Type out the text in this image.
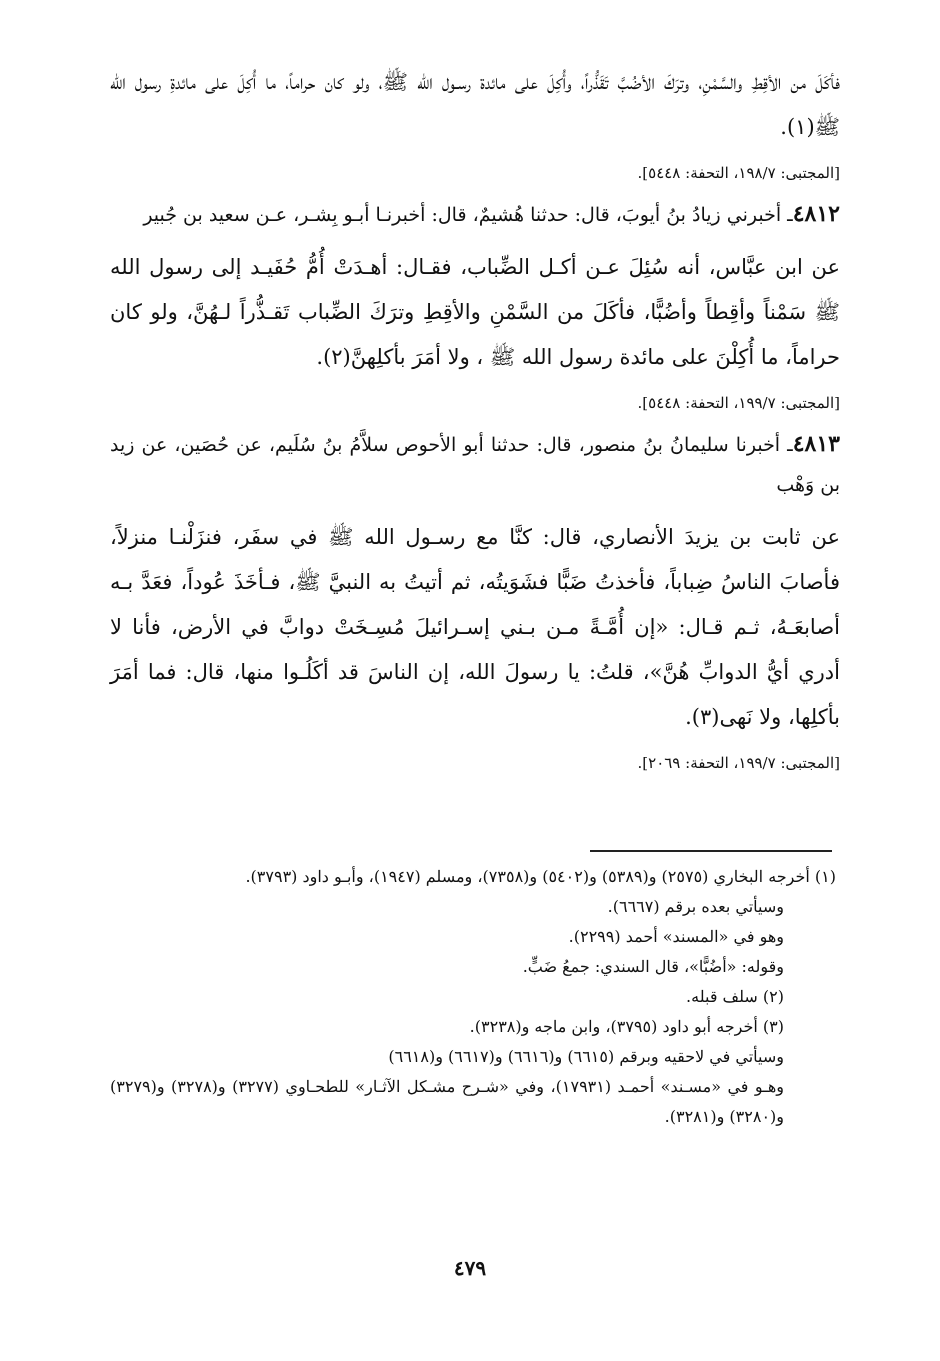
فأكَلَ من الأقِطِ والسَّمْنِ، وترَكَ الأضُبَّ تَقَذُّراً، وأُكِلَ على مائدة رسـول الله ﷺ، ولو كان حراماً، ما أُكِلَ على مائدةِ رسول الله ﷺ(١).

[المجتبى: ١٩٨/٧، التحفة: ٥٤٤٨].

٤٨١٢ـ أخبرني زيادُ بنُ أيوبَ، قال: حدثنا هُشيمٌ، قال: أخبرنـا أبـو بِشـر، عـن سعيد بن جُبير

عن ابن عبَّاس، أنه سُئِلَ عـن أكـل الضِّباب، فقـال: أهـدَتْ أُمُّ حُفَيـد إلى رسول الله ﷺ سَمْناً وأقِطاً وأضُبًّا، فأكَلَ من السَّمْنِ والأقِطِ وترَكَ الضِّباب تَقـذُّراً لـهُنَّ، ولو كان حراماً، ما أُكِلْنَ على مائدة رسول الله ﷺ ، ولا أمَرَ بأكلِهنَّ(٢).

[المجتبى: ١٩٩/٧، التحفة: ٥٤٤٨].

٤٨١٣ـ أخبرنا سليمانُ بنُ منصور، قال: حدثنا أبو الأحوص سلاَّمُ بنُ سُلَيم، عن حُصَين، عن زيد بن وَهْب

عن ثابت بن يزيدَ الأنصاري، قال: كنَّا مع رسـول الله ﷺ في سفَر، فنزَلْنـا منزلاً، فأصابَ الناسُ ضِباباً، فأخذتُ ضَبًّا فشَوَيتُه، ثم أتيتُ به النبيَّ ﷺ، فـأخَذَ عُوداً، فعَدَّ بـه أصابعَـهُ، ثـم قـال: «إن أُمَّـةً مـن بـني إسـرائيلَ مُسِـخَتْ دوابَّ في الأرض، فأنا لا أدري أيُّ الدوابِّ هُنَّ»، قلتُ: يا رسولَ الله، إن الناسَ قد أكَلُـوا منها، قال: فما أمَرَ بأكلِها، ولا نَهى(٣).

[المجتبى: ١٩٩/٧، التحفة: ٢٠٦٩].

(١) أخرجه البخاري (٢٥٧٥) و(٥٣٨٩) و(٥٤٠٢) و(٧٣٥٨)، ومسلم (١٩٤٧)، وأبـو داود (٣٧٩٣).

وسيأتي بعده برقم (٦٦٦٧).

وهو في «المسند» أحمد (٢٢٩٩).

وقوله: «أضُبًّا»، قال السندي: جمعُ ضَبٍّ.

(٢) سلف قبله.

(٣) أخرجه أبو داود (٣٧٩٥)، وابن ماجه و(٣٢٣٨).

وسيأتي في لاحقيه وبرقم (٦٦١٥) و(٦٦١٦) و(٦٦١٧) و(٦٦١٨)

وهـو في «مسـند» أحمـد (١٧٩٣١)، وفي «شـرح مشـكل الآثـار» للطحـاوي (٣٢٧٧) و(٣٢٧٨) و(٣٢٧٩) و(٣٢٨٠) و(٣٢٨١).

٤٧٩
